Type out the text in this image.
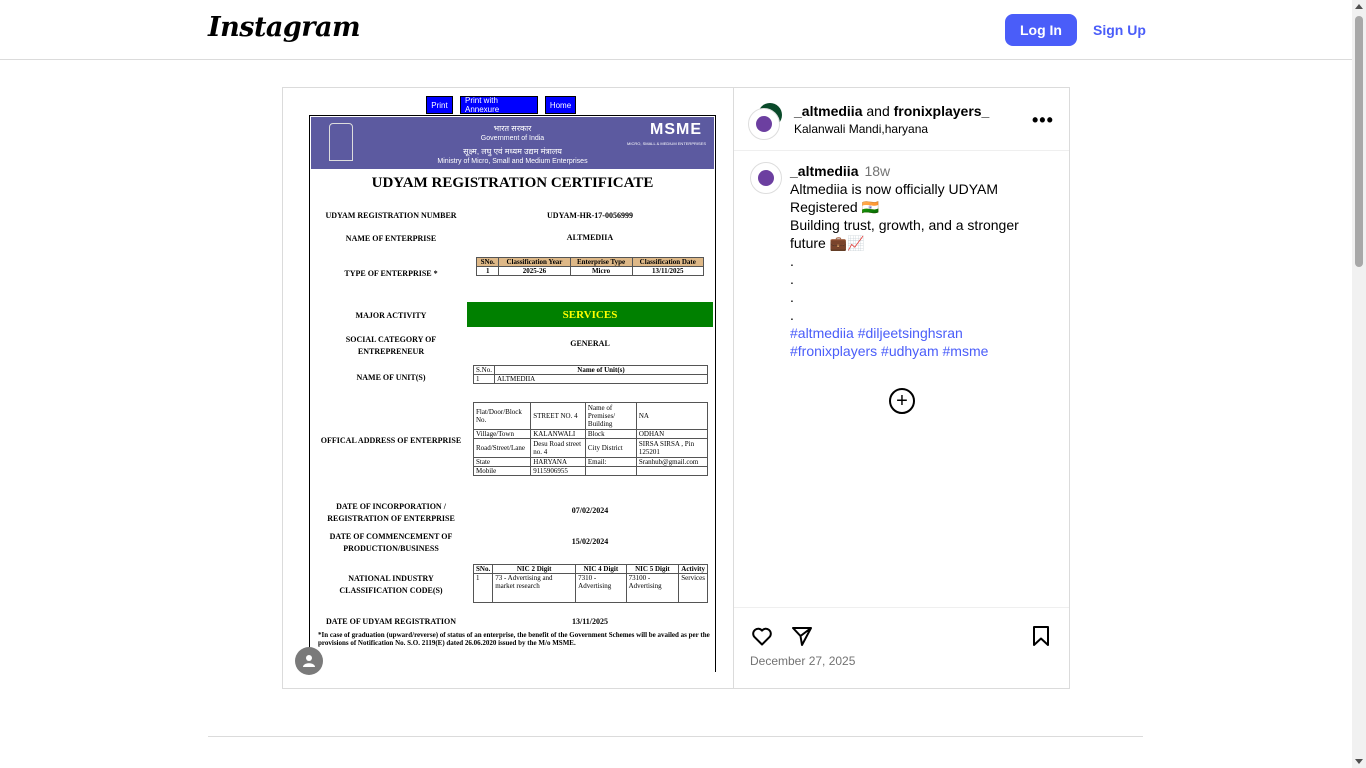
Instagram	Log In	Sign Up
Print	Print with Annexure	Home
भारत सरकार
Government of India
सूक्ष्म, लघु एवं मध्यम उद्यम मंत्रालय
Ministry of Micro, Small and Medium Enterprises
MSME
MICRO, SMALL & MEDIUM ENTERPRISES
UDYAM REGISTRATION CERTIFICATE
UDYAM REGISTRATION NUMBER	UDYAM-HR-17-0056999
NAME OF ENTERPRISE	ALTMEDIIA
TYPE OF ENTERPRISE *
SNo.	Classification Year	Enterprise Type	Classification Date
1	2025-26	Micro	13/11/2025
MAJOR ACTIVITY	SERVICES
SOCIAL CATEGORY OF ENTREPRENEUR
GENERAL
NAME OF UNIT(S)
S.No.	Name of Unit(s)
1	ALTMEDIIA
OFFICAL ADDRESS OF ENTERPRISE
Flat/Door/Block No.	STREET NO. 4	Name of Premises/ Building	NA
Village/Town	KALANWALI	Block	ODHAN
Road/Street/Lane	Desu Road street no. 4	City District	SIRSA SIRSA , Pin 125201
State	HARYANA	Email:	Sranhub@gmail.com
Mobile	9115906955		
DATE OF INCORPORATION / REGISTRATION OF ENTERPRISE
07/02/2024
DATE OF COMMENCEMENT OF PRODUCTION/BUSINESS
15/02/2024
NATIONAL INDUSTRY CLASSIFICATION CODE(S)
SNo.	NIC 2 Digit	NIC 4 Digit	NIC 5 Digit	Activity
1	73 - Advertising and market research	7310 - Advertising	73100 - Advertising	Services
DATE OF UDYAM REGISTRATION	13/11/2025
*In case of graduation (upward/reverse) of status of an enterprise, the benefit of the Government Schemes will be availed as per the provisions of Notification No. S.O. 2119(E) dated 26.06.2020 issued by the M/o MSME.
_altmediia and fronixplayers_
Kalanwali Mandi,haryana	•••
_altmediia 18w
Altmediia is now officially UDYAM Registered 🇮🇳
Building trust, growth, and a stronger future 💼📈
.
.
.
.
#altmediia #diljeetsinghsran #fronixplayers #udhyam #msme
+
December 27, 2025
